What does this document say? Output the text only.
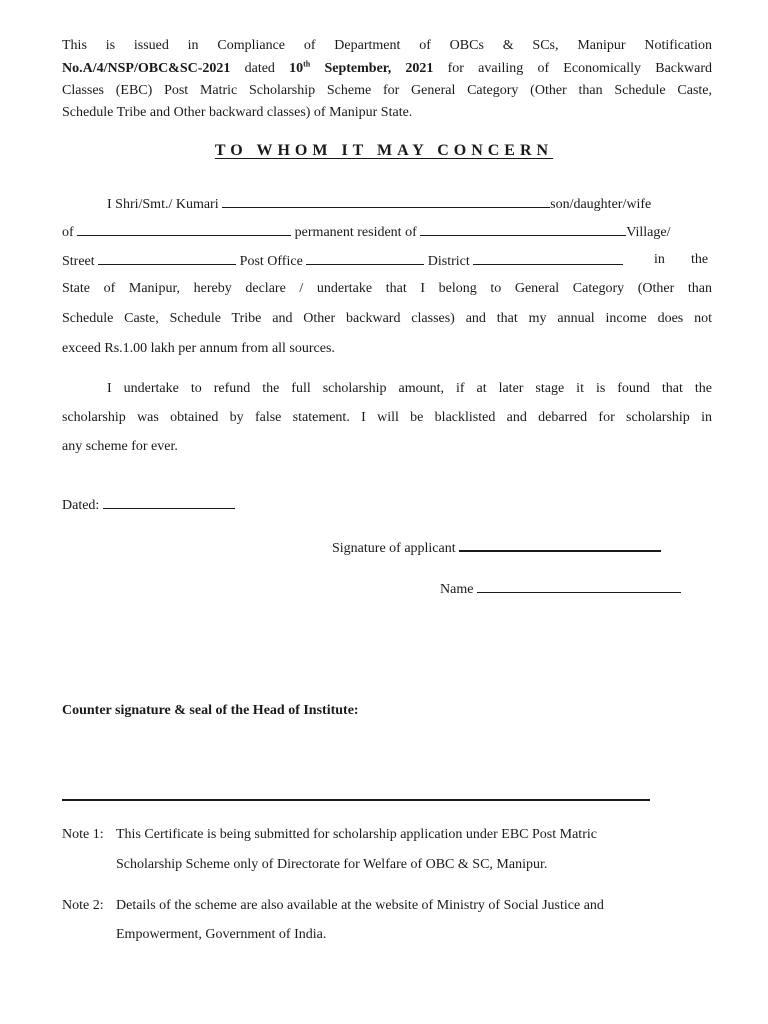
This is issued in Compliance of Department of OBCs & SCs, Manipur Notification
No.A/4/NSP/OBC&SC-2021 dated 10th September, 2021 for availing of Economically Backward
Classes (EBC) Post Matric Scholarship Scheme for General Category (Other than Schedule Caste,
Schedule Tribe and Other backward classes) of Manipur State.
TO WHOM IT MAY CONCERN
I Shri/Smt./ Kumari	son/daughter/wife
of	permanent resident of	Village/
Street	Post Office	District	in the
State of Manipur, hereby declare / undertake that I belong to General Category (Other than
Schedule Caste, Schedule Tribe and Other backward classes) and that my annual income does not
exceed Rs.1.00 lakh per annum from all sources.
I undertake to refund the full scholarship amount, if at later stage it is found that the
scholarship was obtained by false statement. I will be blacklisted and debarred for scholarship in
any scheme for ever.
Dated:
Signature of applicant
Name
Counter signature & seal of the Head of Institute:
Note 1: This Certificate is being submitted for scholarship application under EBC Post Matric
Scholarship Scheme only of Directorate for Welfare of OBC & SC, Manipur.
Note 2: Details of the scheme are also available at the website of Ministry of Social Justice and
Empowerment, Government of India.
